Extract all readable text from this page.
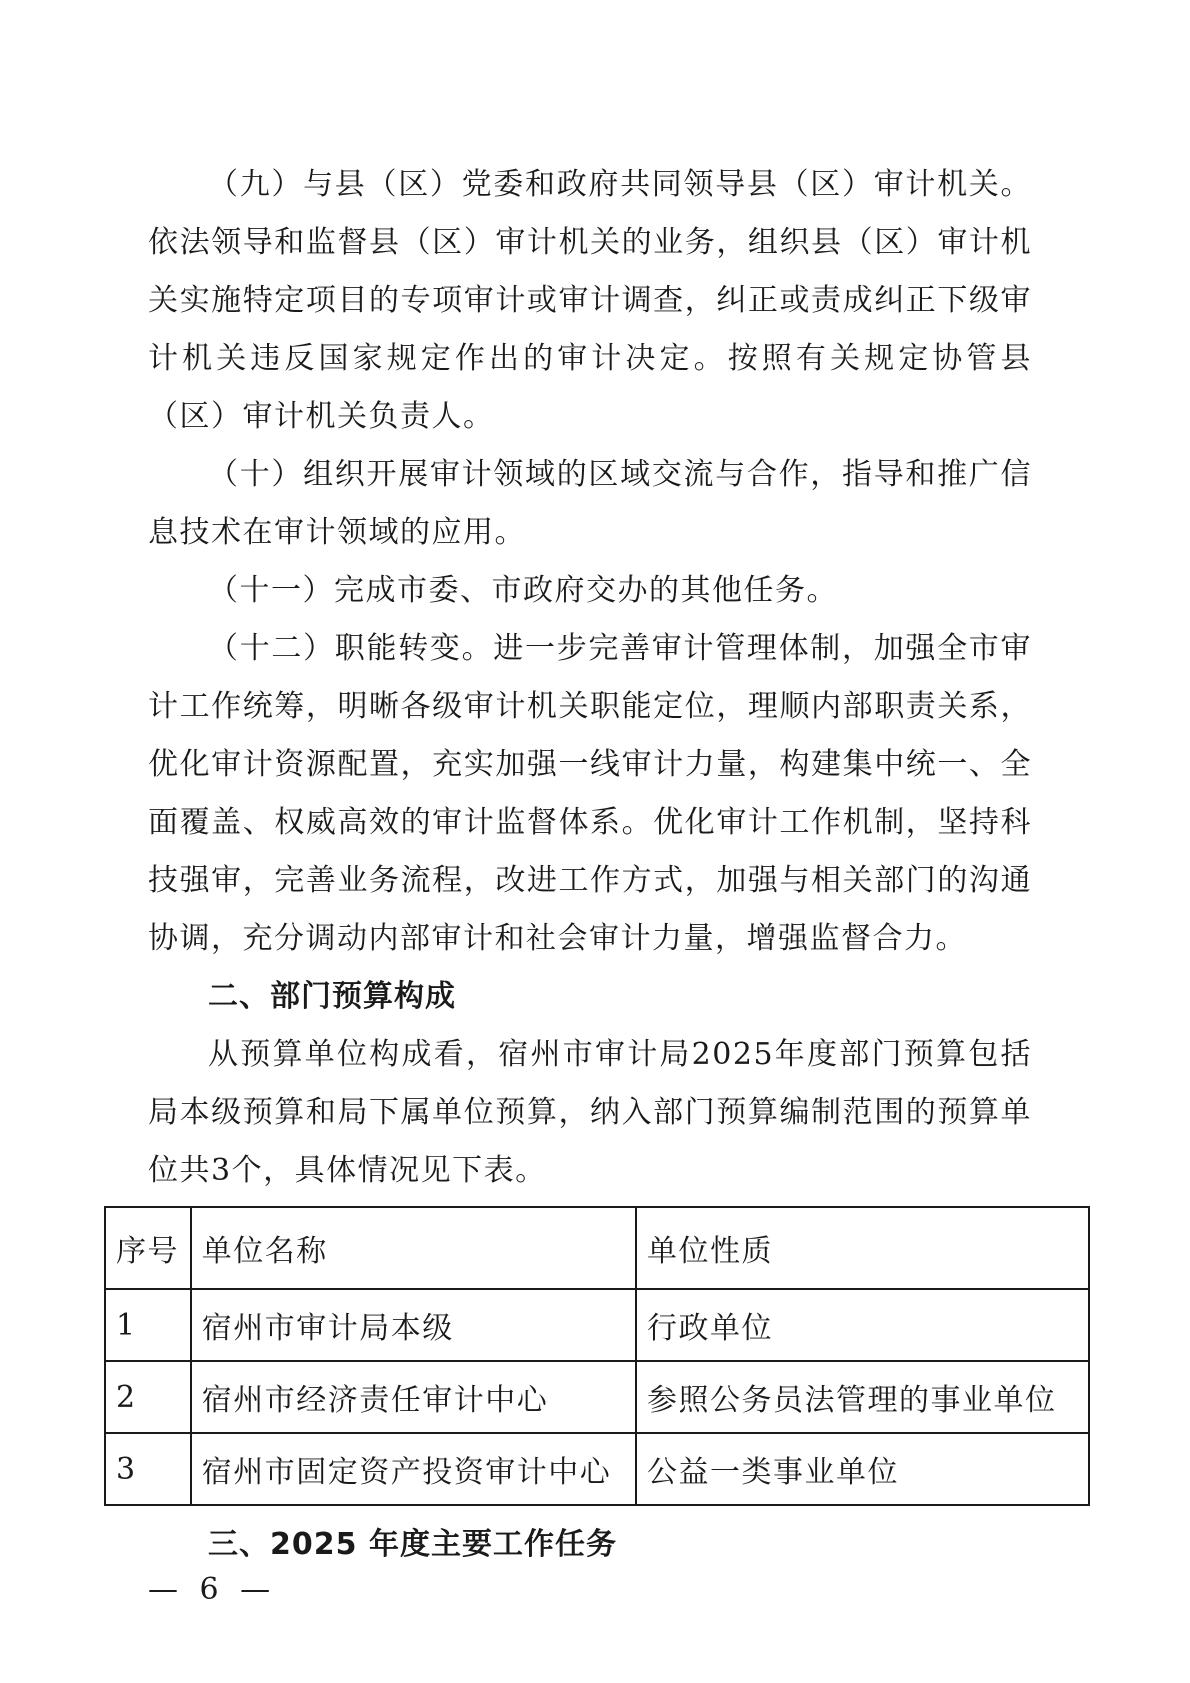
（九）与县（区）党委和政府共同领导县（区）审计机关。依法领导和监督县（区）审计机关的业务，组织县（区）审计机关实施特定项目的专项审计或审计调查，纠正或责成纠正下级审计机关违反国家规定作出的审计决定。按照有关规定协管县（区）审计机关负责人。

（十）组织开展审计领域的区域交流与合作，指导和推广信息技术在审计领域的应用。

（十一）完成市委、市政府交办的其他任务。

（十二）职能转变。进一步完善审计管理体制，加强全市审计工作统筹，明晰各级审计机关职能定位，理顺内部职责关系，优化审计资源配置，充实加强一线审计力量，构建集中统一、全面覆盖、权威高效的审计监督体系。优化审计工作机制，坚持科技强审，完善业务流程，改进工作方式，加强与相关部门的沟通协调，充分调动内部审计和社会审计力量，增强监督合力。

二、部门预算构成

从预算单位构成看，宿州市审计局2025年度部门预算包括局本级预算和局下属单位预算，纳入部门预算编制范围的预算单位共3个，具体情况见下表。

序号	单位名称	单位性质
1	宿州市审计局本级	行政单位
2	宿州市经济责任审计中心	参照公务员法管理的事业单位
3	宿州市固定资产投资审计中心	公益一类事业单位

三、2025 年度主要工作任务

— 6 —
